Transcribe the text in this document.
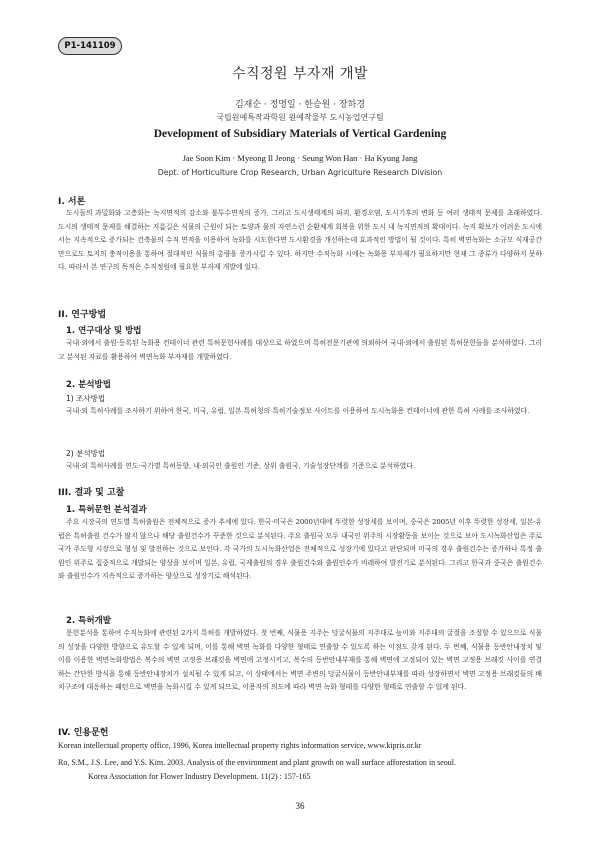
P1-141109
수직정원 부자재 개발
김재순 · 정명일 · 한승원 · 장하경
국립원예특작과학원 원예작물부 도시농업연구팀
Development of Subsidiary Materials of Vertical Gardening
Jae Soon Kim · Myeong Il Jeong · Seung Won Han · Ha Kyung Jang
Dept. of Horticulture Crop Research, Urban Agriculture Research Division
I. 서론

도시들의 과밀화와 고층화는 녹지면적의 감소와 불투수면적의 증가, 그리고 도시생태계의 파괴, 환경오염, 도시기후의 변화 등 여러 생태적 문제를 초래하였다. 도시의 생태적 문제를 해결하는 지름길은 식물의 근원이 되는 토양과 물의 자연스런 순환체계 회복을 위한 도시 내 녹지면적의 확대이다. 녹지 확보가 어려운 도시에서는 지속적으로 증가되는 건축물의 수직 면적을 이용하여 녹화를 시도한다면 도시환경을 개선하는데 효과적인 방법이 될 것이다. 특히 벽면녹화는 소규모 식재공간만으로도 토지의 충적이용을 통하여 절대적인 식물의 총량을 증가시킬 수 있다. 하지만 수직녹화 시에는 녹화용 부자재가 필요하지만 현재 그 종류가 다양하지 못하다. 따라서 본 연구의 목적은 수직정원에 필요한 부자재 개발에 있다.

II. 연구방법
1. 연구대상 및 방법

국내·외에서 출원·등록된 녹화용 컨테이너 관련 특허문헌사례를 대상으로 하였으며 특허전문기관에 의뢰하여 국내·외에서 출원된 특허문헌들을 분석하였다. 그리고 분석된 자료를 활용하여 벽면녹화 부자재를 개발하였다.

2. 분석방법
1) 조사방법

국내·외 특허사례를 조사하기 위하여 한국, 미국, 유럽, 일본 특허청의 특허기술정보 사이트를 이용하여 도시녹화용 컨테이너에 관한 특허 사례를 조사하였다.

2) 분석방법

국내·외 특허사례를 연도·국가별 특허동향, 내·외국인 출원인 기준, 상위 출원국, 기술성장단계를 기준으로 분석하였다.

III. 결과 및 고찰
1. 특허문헌 분석결과

주요 시장국의 연도별 특허출원은 전체적으로 증가 추세에 있다. 한국·미국은 2000년대에 뚜렷한 성장세를 보이며, 중국은 2005년 이후 뚜렷한 성장세, 일본·유럽은 특허출원 건수가 많지 않으나 해당 출원건수가 꾸준한 것으로 분석된다. 주요 출원국 모두 내국인 위주의 시장활동을 보이는 것으로 보아 도시녹화산업은 주로 국가 주도형 시장으로 형성 및 발전하는 것으로 보인다. 각 국가의 도시녹화산업은 전체적으로 성장기에 있다고 판단되며 미국의 경우 출원건수는 증가하나 특정 출원인 위주로 집중적으로 개발되는 양상을 보이며 일본, 유럽, 국제출원의 경우 출원건수와 출원인수가 비레하여 발전기로 분석된다. 그리고 한국과 중국은 출원건수와 출원인수가 지속적으로 증가하는 양상으로 성장기로 해석된다.

2. 특허개발

문헌분석을 통하여 수직녹화에 관련된 2가지 특허를 개발하였다. 첫 번째, 식물용 지주는 덩굴식물의 지주대로 높이와 지주대의 굴절을 조절할 수 있으므로 식물의 성장을 다양한 방향으로 유도할 수 있게 되며, 이를 통해 벽면 녹화를 다양한 형태로 연출할 수 있도록 하는 이점도 갖게 된다. 두 번째, 식물용 등반안내장치 및 이를 이용한 벽면녹화방법은 복수의 벽면 고정용 브래킷을 벽면에 고정시키고, 복수의 등반안내부재를 통해 벽면에 고정되어 있는 벽면 고정용 브래킷 사이를 연결하는 간단한 방식을 통해 등반안내장치가 설치될 수 있게 되고, 이 상태에서는 벽면 주변의 덩굴식물이 등반안내부재를 따라 성장하면서 벽면 고정용 브래킷들의 배치구조에 대응하는 패턴으로 벽면을 녹화시킬 수 있게 되므로, 이용자의 의도에 따라 벽면 녹화 형태를 다양한 형태로 연출할 수 있게 된다.

IV. 인용문헌
Korean intellectual property office, 1996, Korea intellectual property rights information service, www.kipris.or.kr
Ro, S.M., J.S. Lee, and Y.S. Kim. 2003. Analysis of the environment and plant growth on wall surface afforestation in seoul.
Korea Association for Flower Industry Development. 11(2) : 157-165
36
